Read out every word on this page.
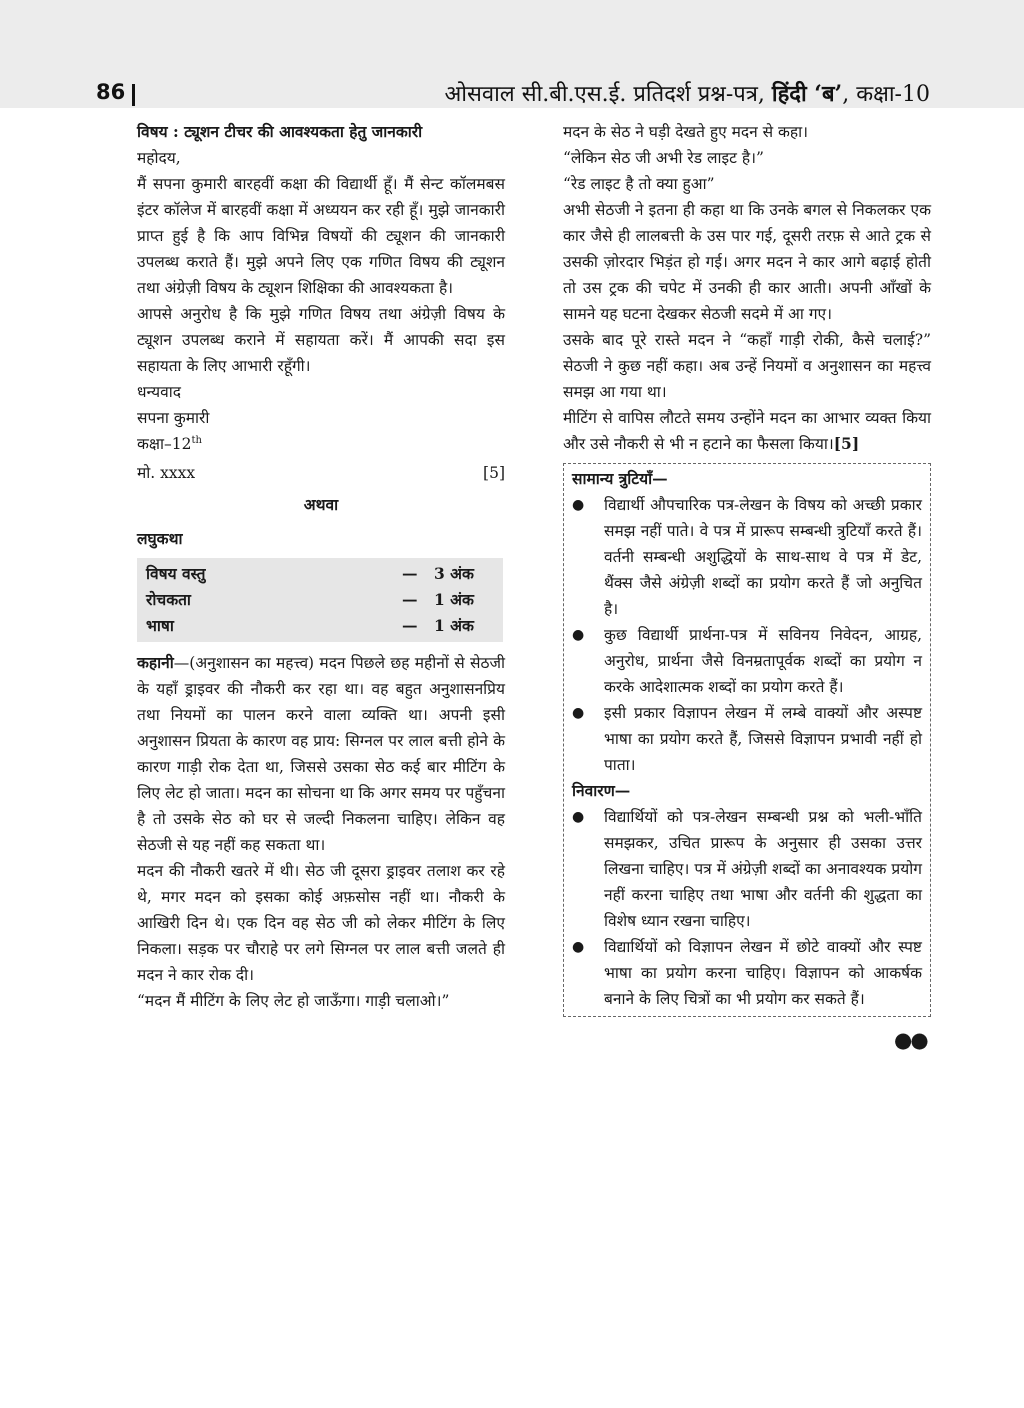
86	ओसवाल सी.बी.एस.ई. प्रतिदर्श प्रश्न-पत्र, हिंदी ‘ब’, कक्षा-10

विषय : ट्यूशन टीचर की आवश्यकता हेतु जानकारी

महोदय,

मैं सपना कुमारी बारहवीं कक्षा की विद्यार्थी हूँ। मैं सेन्ट कॉलमबस इंटर कॉलेज में बारहवीं कक्षा में अध्ययन कर रही हूँ। मुझे जानकारी प्राप्त हुई है कि आप विभिन्न विषयों की ट्यूशन की जानकारी उपलब्ध कराते हैं। मुझे अपने लिए एक गणित विषय की ट्यूशन तथा अंग्रेज़ी विषय के ट्यूशन शिक्षिका की आवश्यकता है।

आपसे अनुरोध है कि मुझे गणित विषय तथा अंग्रेज़ी विषय के ट्यूशन उपलब्ध कराने में सहायता करें। मैं आपकी सदा इस सहायता के लिए आभारी रहूँगी।

धन्यवाद

सपना कुमारी

कक्षा–12th

मो. xxxx	[5]
अथवा

लघुकथा

विषय वस्तु	—	3 अंक
रोचकता	—	1 अंक
भाषा	—	1 अंक

कहानी—(अनुशासन का महत्त्व) मदन पिछले छह महीनों से सेठजी के यहाँ ड्राइवर की नौकरी कर रहा था। वह बहुत अनुशासनप्रिय तथा नियमों का पालन करने वाला व्यक्ति था। अपनी इसी अनुशासन प्रियता के कारण वह प्राय: सिग्नल पर लाल बत्ती होने के कारण गाड़ी रोक देता था, जिससे उसका सेठ कई बार मीटिंग के लिए लेट हो जाता। मदन का सोचना था कि अगर समय पर पहुँचना है तो उसके सेठ को घर से जल्दी निकलना चाहिए। लेकिन वह सेठजी से यह नहीं कह सकता था।

मदन की नौकरी खतरे में थी। सेठ जी दूसरा ड्राइवर तलाश कर रहे थे, मगर मदन को इसका कोई अफ़सोस नहीं था। नौकरी के आखिरी दिन थे। एक दिन वह सेठ जी को लेकर मीटिंग के लिए निकला। सड़क पर चौराहे पर लगे सिग्नल पर लाल बत्ती जलते ही मदन ने कार रोक दी।

“मदन मैं मीटिंग के लिए लेट हो जाऊँगा। गाड़ी चलाओ।”

मदन के सेठ ने घड़ी देखते हुए मदन से कहा।

“लेकिन सेठ जी अभी रेड लाइट है।”

“रेड लाइट है तो क्या हुआ”

अभी सेठजी ने इतना ही कहा था कि उनके बगल से निकलकर एक कार जैसे ही लालबत्ती के उस पार गई, दूसरी तरफ़ से आते ट्रक से उसकी ज़ोरदार भिड़ंत हो गई। अगर मदन ने कार आगे बढ़ाई होती तो उस ट्रक की चपेट में उनकी ही कार आती। अपनी आँखों के सामने यह घटना देखकर सेठजी सदमे में आ गए।

उसके बाद पूरे रास्ते मदन ने “कहाँ गाड़ी रोकी, कैसे चलाई?” सेठजी ने कुछ नहीं कहा। अब उन्हें नियमों व अनुशासन का महत्त्व समझ आ गया था।

मीटिंग से वापिस लौटते समय उन्होंने मदन का आभार व्यक्त किया और उसे नौकरी से भी न हटाने का फैसला किया।[5]

सामान्य त्रुटियाँ—
● विद्यार्थी औपचारिक पत्र-लेखन के विषय को अच्छी प्रकार समझ नहीं पाते। वे पत्र में प्रारूप सम्बन्धी त्रुटियाँ करते हैं। वर्तनी सम्बन्धी अशुद्धियों के साथ-साथ वे पत्र में डेट, थैंक्स जैसे अंग्रेज़ी शब्दों का प्रयोग करते हैं जो अनुचित है।
● कुछ विद्यार्थी प्रार्थना-पत्र में सविनय निवेदन, आग्रह, अनुरोध, प्रार्थना जैसे विनम्रतापूर्वक शब्दों का प्रयोग न करके आदेशात्मक शब्दों का प्रयोग करते हैं।
● इसी प्रकार विज्ञापन लेखन में लम्बे वाक्यों और अस्पष्ट भाषा का प्रयोग करते हैं, जिससे विज्ञापन प्रभावी नहीं हो पाता।
निवारण—
● विद्यार्थियों को पत्र-लेखन सम्बन्धी प्रश्न को भली-भाँति समझकर, उचित प्रारूप के अनुसार ही उसका उत्तर लिखना चाहिए। पत्र में अंग्रेज़ी शब्दों का अनावश्यक प्रयोग नहीं करना चाहिए तथा भाषा और वर्तनी की शुद्धता का विशेष ध्यान रखना चाहिए।
● विद्यार्थियों को विज्ञापन लेखन में छोटे वाक्यों और स्पष्ट भाषा का प्रयोग करना चाहिए। विज्ञापन को आकर्षक बनाने के लिए चित्रों का भी प्रयोग कर सकते हैं।
●●
